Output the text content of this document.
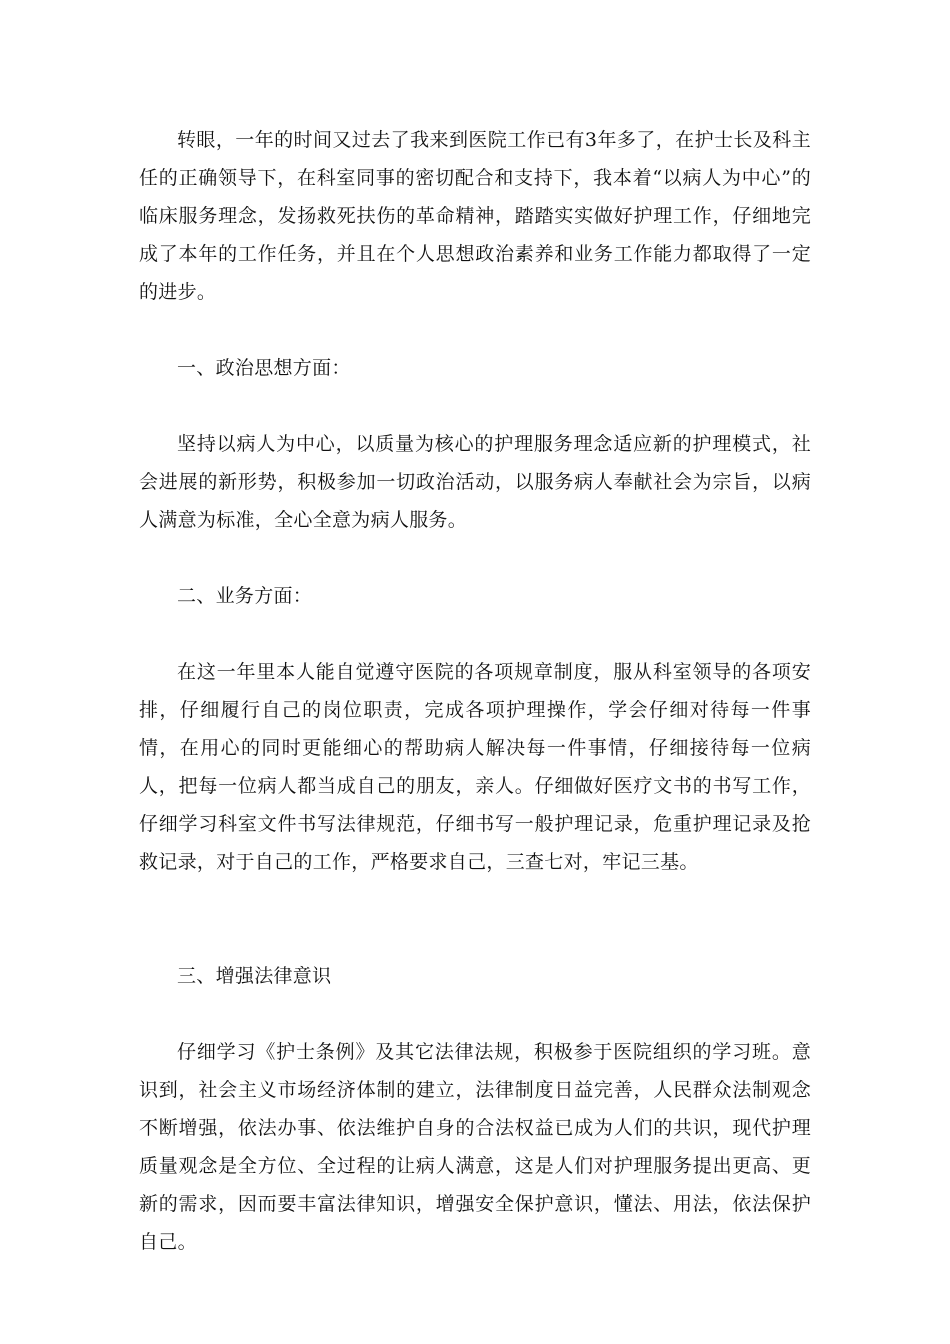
转眼，一年的时间又过去了我来到医院工作已有3年多了，在护士长及科主任的正确领导下，在科室同事的密切配合和支持下，我本着“以病人为中心”的临床服务理念，发扬救死扶伤的革命精神，踏踏实实做好护理工作，仔细地完成了本年的工作任务，并且在个人思想政治素养和业务工作能力都取得了一定的进步。

一、政治思想方面：

坚持以病人为中心，以质量为核心的护理服务理念适应新的护理模式，社会进展的新形势，积极参加一切政治活动，以服务病人奉献社会为宗旨，以病人满意为标准，全心全意为病人服务。

二、业务方面：

在这一年里本人能自觉遵守医院的各项规章制度，服从科室领导的各项安排，仔细履行自己的岗位职责，完成各项护理操作，学会仔细对待每一件事情，在用心的同时更能细心的帮助病人解决每一件事情，仔细接待每一位病人，把每一位病人都当成自己的朋友，亲人。仔细做好医疗文书的书写工作，仔细学习科室文件书写法律规范，仔细书写一般护理记录，危重护理记录及抢救记录，对于自己的工作，严格要求自己，三查七对，牢记三基。

三、增强法律意识

仔细学习《护士条例》及其它法律法规，积极参于医院组织的学习班。意识到，社会主义市场经济体制的建立，法律制度日益完善，人民群众法制观念不断增强，依法办事、依法维护自身的合法权益已成为人们的共识，现代护理质量观念是全方位、全过程的让病人满意，这是人们对护理服务提出更高、更新的需求，因而要丰富法律知识，增强安全保护意识，懂法、用法，依法保护自己。
